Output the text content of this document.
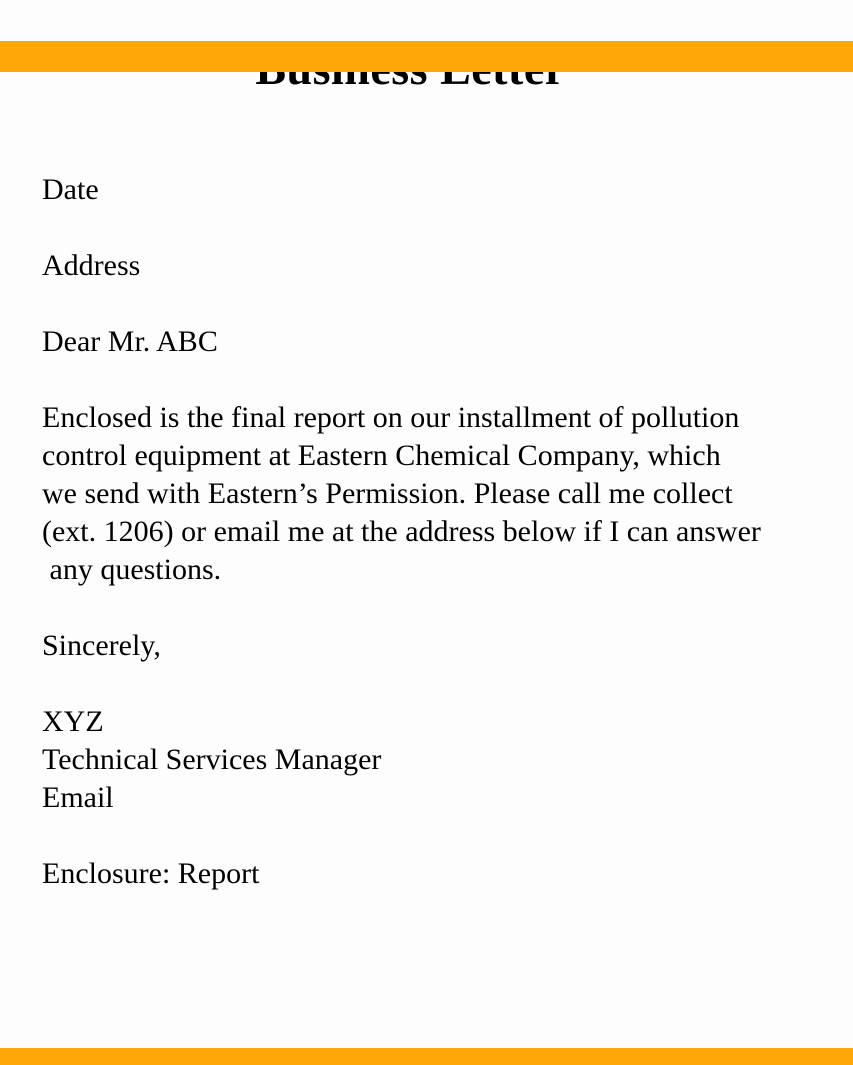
Date
Address
Dear Mr. ABC
Enclosed is the final report on our installment of pollution
control equipment at Eastern Chemical Company, which
we send with Eastern’s Permission. Please call me collect
(ext. 1206) or email me at the address below if I can answer
any questions.
Sincerely,
XYZ
Technical Services Manager
Email
Enclosure: Report
